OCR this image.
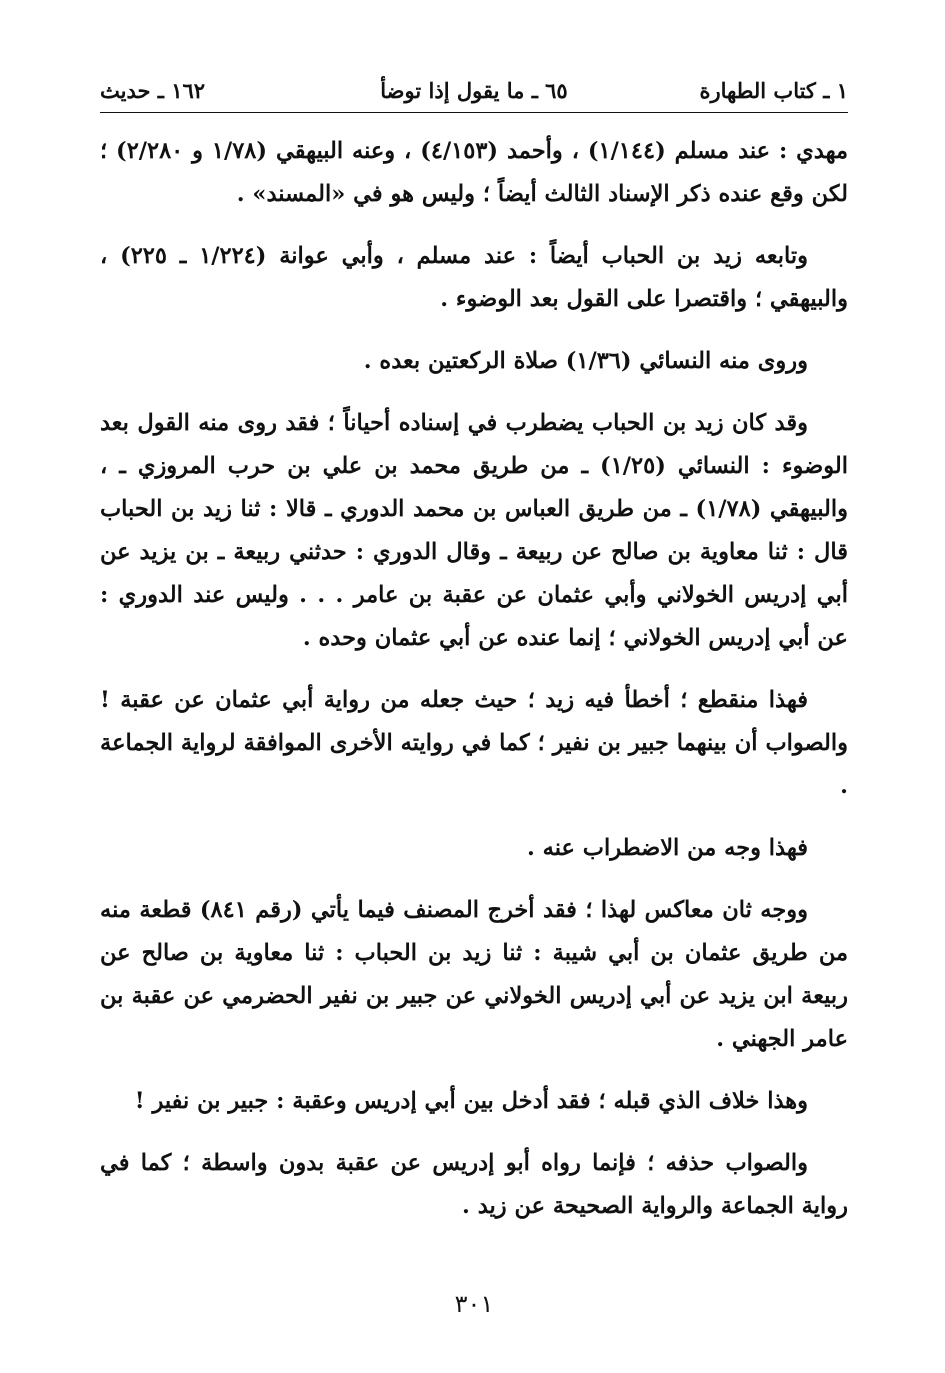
١ ـ كتاب الطهارة
٦٥ ـ ما يقول إذا توضأ
١٦٢ ـ حديث

مهدي : عند مسلم (١/١٤٤) ، وأحمد (٤/١٥٣) ، وعنه البيهقي (١/٧٨ و ٢/٢٨٠) ؛ لكن وقع عنده ذكر الإسناد الثالث أيضاً ؛ وليس هو في «المسند» .

وتابعه زيد بن الحباب أيضاً : عند مسلم ، وأبي عوانة (١/٢٢٤ ـ ٢٢٥) ، والبيهقي ؛ واقتصرا على القول بعد الوضوء .

وروى منه النسائي (١/٣٦) صلاة الركعتين بعده .

وقد كان زيد بن الحباب يضطرب في إسناده أحياناً ؛ فقد روى منه القول بعد الوضوء : النسائي (١/٢٥) ـ من طريق محمد بن علي بن حرب المروزي ـ ، والبيهقي (١/٧٨) ـ من طريق العباس بن محمد الدوري ـ قالا : ثنا زيد بن الحباب قال : ثنا معاوية بن صالح عن ربيعة ـ وقال الدوري : حدثني ربيعة ـ بن يزيد عن أبي إدريس الخولاني وأبي عثمان عن عقبة بن عامر . . . وليس عند الدوري : عن أبي إدريس الخولاني ؛ إنما عنده عن أبي عثمان وحده .

فهذا منقطع ؛ أخطأ فيه زيد ؛ حيث جعله من رواية أبي عثمان عن عقبة ! والصواب أن بينهما جبير بن نفير ؛ كما في روايته الأخرى الموافقة لرواية الجماعة .

فهذا وجه من الاضطراب عنه .

ووجه ثان معاكس لهذا ؛ فقد أخرج المصنف فيما يأتي (رقم ٨٤١) قطعة منه من طريق عثمان بن أبي شيبة : ثنا زيد بن الحباب : ثنا معاوية بن صالح عن ربيعة ابن يزيد عن أبي إدريس الخولاني عن جبير بن نفير الحضرمي عن عقبة بن عامر الجهني .

وهذا خلاف الذي قبله ؛ فقد أدخل بين أبي إدريس وعقبة : جبير بن نفير !

والصواب حذفه ؛ فإنما رواه أبو إدريس عن عقبة بدون واسطة ؛ كما في رواية الجماعة والرواية الصحيحة عن زيد .

٣٠١
